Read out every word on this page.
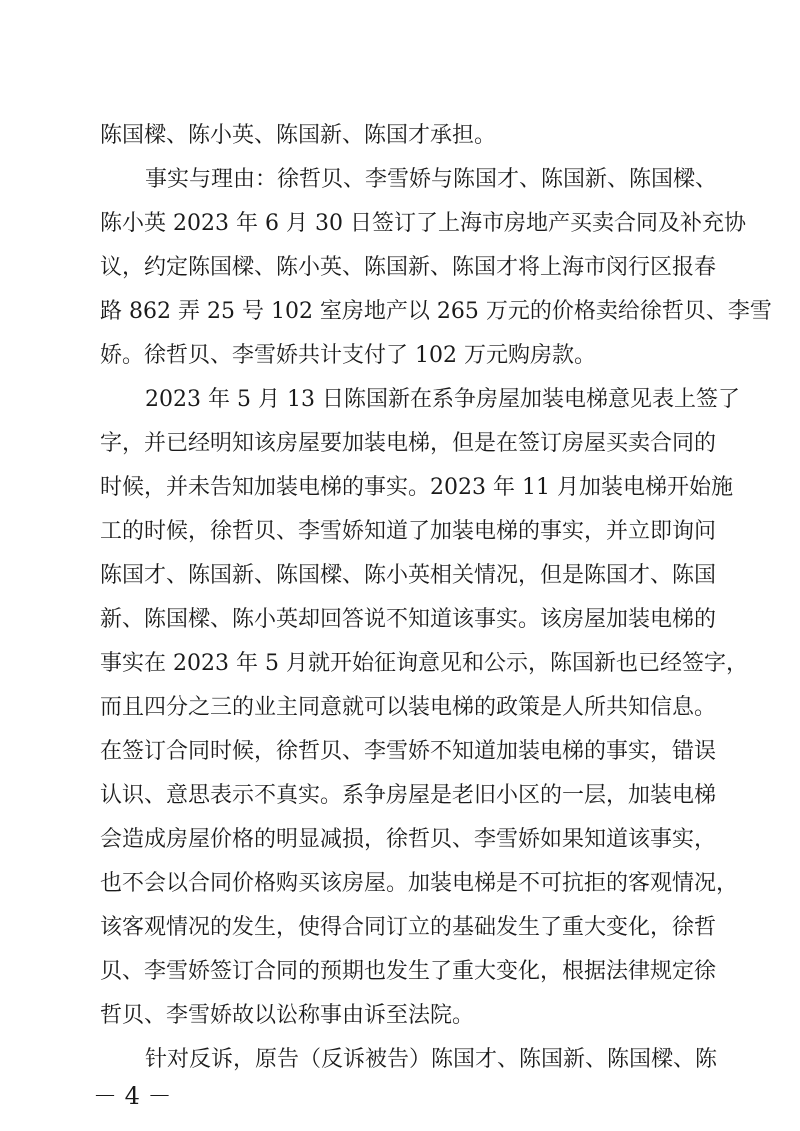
陈国樑、陈小英、陈国新、陈国才承担。
事实与理由：徐哲贝、李雪娇与陈国才、陈国新、陈国樑、
陈小英 2023 年 6 月 30 日签订了上海市房地产买卖合同及补充协
议，约定陈国樑、陈小英、陈国新、陈国才将上海市闵行区报春
路 862 弄 25 号 102 室房地产以 265 万元的价格卖给徐哲贝、李雪
娇。徐哲贝、李雪娇共计支付了 102 万元购房款。
2023 年 5 月 13 日陈国新在系争房屋加装电梯意见表上签了
字，并已经明知该房屋要加装电梯，但是在签订房屋买卖合同的
时候，并未告知加装电梯的事实。2023 年 11 月加装电梯开始施
工的时候，徐哲贝、李雪娇知道了加装电梯的事实，并立即询问
陈国才、陈国新、陈国樑、陈小英相关情况，但是陈国才、陈国
新、陈国樑、陈小英却回答说不知道该事实。该房屋加装电梯的
事实在 2023 年 5 月就开始征询意见和公示，陈国新也已经签字，
而且四分之三的业主同意就可以装电梯的政策是人所共知信息。
在签订合同时候，徐哲贝、李雪娇不知道加装电梯的事实，错误
认识、意思表示不真实。系争房屋是老旧小区的一层，加装电梯
会造成房屋价格的明显减损，徐哲贝、李雪娇如果知道该事实，
也不会以合同价格购买该房屋。加装电梯是不可抗拒的客观情况，
该客观情况的发生，使得合同订立的基础发生了重大变化，徐哲
贝、李雪娇签订合同的预期也发生了重大变化，根据法律规定徐
哲贝、李雪娇故以讼称事由诉至法院。
针对反诉，原告（反诉被告）陈国才、陈国新、陈国樑、陈
－ 4 －
